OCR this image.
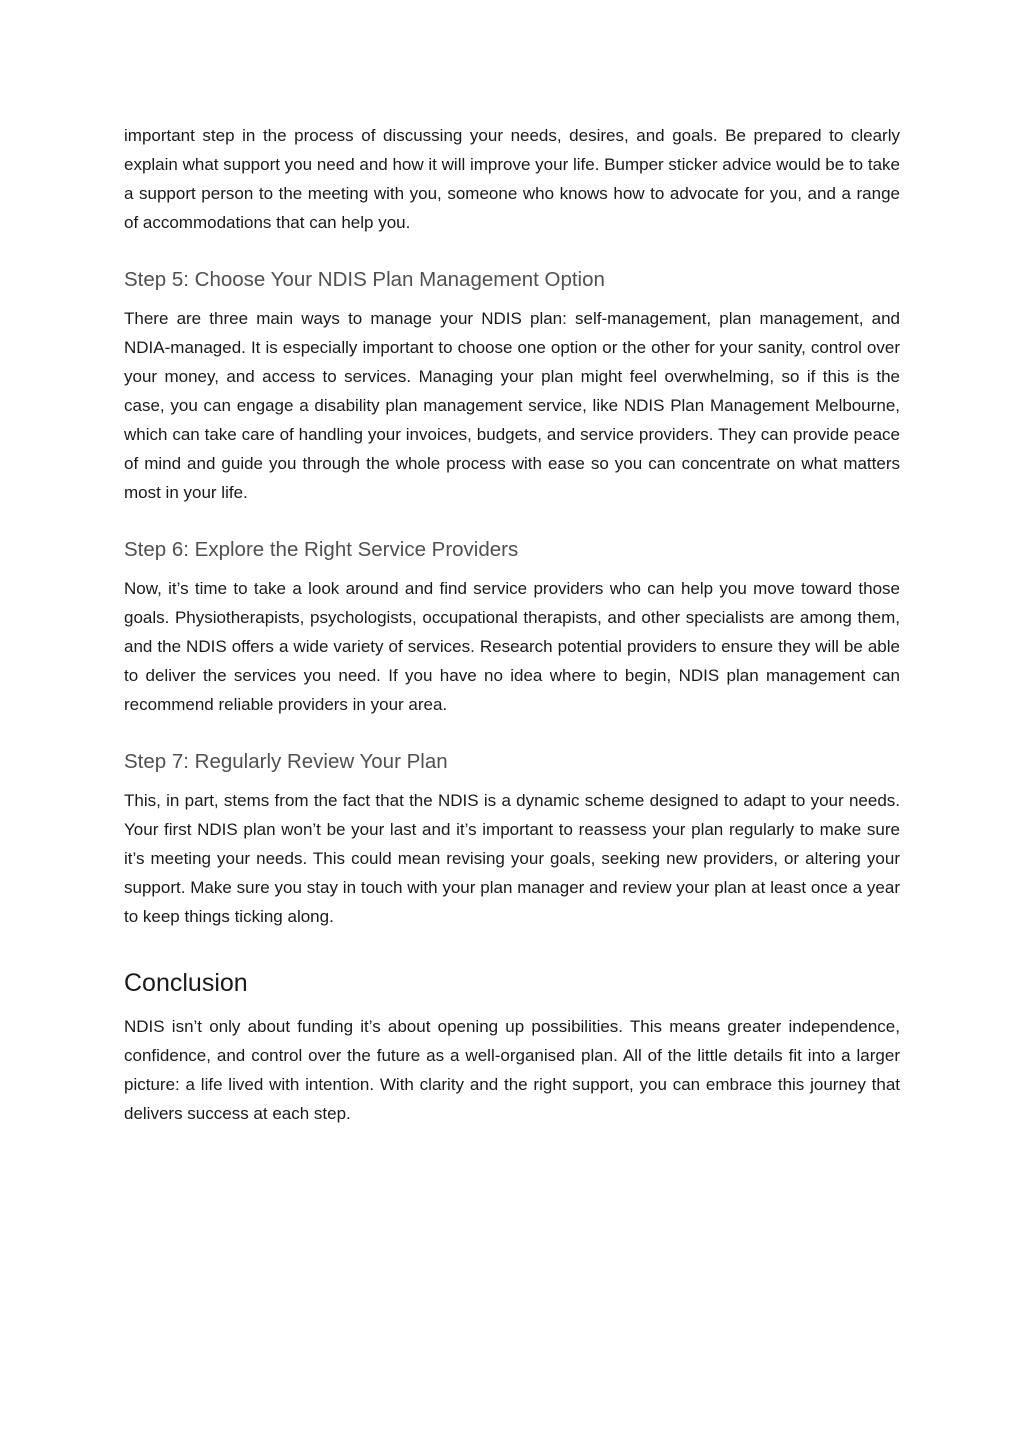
important step in the process of discussing your needs, desires, and goals. Be prepared to clearly explain what support you need and how it will improve your life. Bumper sticker advice would be to take a support person to the meeting with you, someone who knows how to advocate for you, and a range of accommodations that can help you.

Step 5: Choose Your NDIS Plan Management Option

There are three main ways to manage your NDIS plan: self-management, plan management, and NDIA-managed. It is especially important to choose one option or the other for your sanity, control over your money, and access to services. Managing your plan might feel overwhelming, so if this is the case, you can engage a disability plan management service, like NDIS Plan Management Melbourne, which can take care of handling your invoices, budgets, and service providers. They can provide peace of mind and guide you through the whole process with ease so you can concentrate on what matters most in your life.

Step 6: Explore the Right Service Providers

Now, it’s time to take a look around and find service providers who can help you move toward those goals. Physiotherapists, psychologists, occupational therapists, and other specialists are among them, and the NDIS offers a wide variety of services. Research potential providers to ensure they will be able to deliver the services you need. If you have no idea where to begin, NDIS plan management can recommend reliable providers in your area.

Step 7: Regularly Review Your Plan

This, in part, stems from the fact that the NDIS is a dynamic scheme designed to adapt to your needs. Your first NDIS plan won’t be your last and it’s important to reassess your plan regularly to make sure it’s meeting your needs. This could mean revising your goals, seeking new providers, or altering your support. Make sure you stay in touch with your plan manager and review your plan at least once a year to keep things ticking along.

Conclusion

NDIS isn’t only about funding it’s about opening up possibilities. This means greater independence, confidence, and control over the future as a well-organised plan. All of the little details fit into a larger picture: a life lived with intention. With clarity and the right support, you can embrace this journey that delivers success at each step.
